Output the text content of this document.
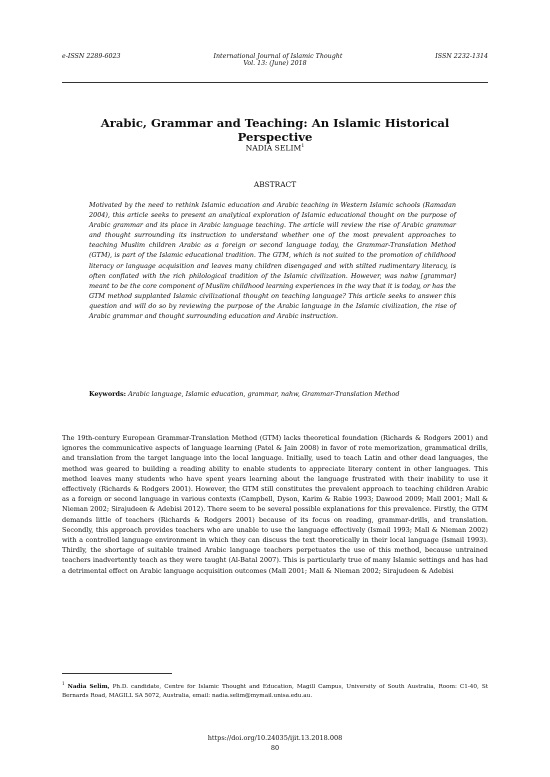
e-ISSN 2289-6023	International Journal of Islamic Thought	ISSN 2232-1314
Vol. 13: (June) 2018
Arabic, Grammar and Teaching: An Islamic Historical Perspective
NADIA SELIM$^1$
ABSTRACT

Motivated by the need to rethink Islamic education and Arabic teaching in Western Islamic schools (Ramadan 2004), this article seeks to present an analytical exploration of Islamic educational thought on the purpose of Arabic grammar and its place in Arabic language teaching. The article will review the rise of Arabic grammar and thought surrounding its instruction to understand whether one of the most prevalent approaches to teaching Muslim children Arabic as a foreign or second language today, the Grammar-Translation Method (GTM), is part of the Islamic educational tradition. The GTM, which is not suited to the promotion of childhood literacy or language acquisition and leaves many children disengaged and with stilted rudimentary literacy, is often conflated with the rich philological tradition of the Islamic civilization. However, was nahw [grammar] meant to be the core component of Muslim childhood learning experiences in the way that it is today, or has the GTM method supplanted Islamic civilizational thought on teaching language? This article seeks to answer this question and will do so by reviewing the purpose of the Arabic language in the Islamic civilization, the rise of Arabic grammar and thought surrounding education and Arabic instruction.

Keywords: Arabic language, Islamic education, grammar, nahw, Grammar-Translation Method

The 19th-century European Grammar-Translation Method (GTM) lacks theoretical foundation (Richards & Rodgers 2001) and ignores the communicative aspects of language learning (Patel & Jain 2008) in favor of rote memorization, grammatical drills, and translation from the target language into the local language. Initially, used to teach Latin and other dead languages, the method was geared to building a reading ability to enable students to appreciate literary content in other languages. This method leaves many students who have spent years learning about the language frustrated with their inability to use it effectively (Richards & Rodgers 2001). However, the GTM still constitutes the prevalent approach to teaching children Arabic as a foreign or second language in various contexts (Campbell, Dyson, Karim & Rabie 1993; Dawood 2009; Mall 2001; Mall & Nieman 2002; Sirajudeen & Adebisi 2012). There seem to be several possible explanations for this prevalence. Firstly, the GTM demands little of teachers (Richards & Rodgers 2001) because of its focus on reading, grammar-drills, and translation. Secondly, this approach provides teachers who are unable to use the language effectively (Ismail 1993; Mall & Nieman 2002) with a controlled language environment in which they can discuss the text theoretically in their local language (Ismail 1993). Thirdly, the shortage of suitable trained Arabic language teachers perpetuates the use of this method, because untrained teachers inadvertently teach as they were taught (Al-Batal 2007). This is particularly true of many Islamic settings and has had a detrimental effect on Arabic language acquisition outcomes (Mall 2001; Mall & Nieman 2002; Sirajudeen & Adebisi

$^1$ Nadia Selim, Ph.D. candidate, Centre for Islamic Thought and Education, Magill Campus, University of South Australia, Room: C1-40, St Bernards Road, MAGILL SA 5072, Australia, email: nadia.selim@mymail.unisa.edu.au.

https://doi.org/10.24035/ijit.13.2018.008
80
